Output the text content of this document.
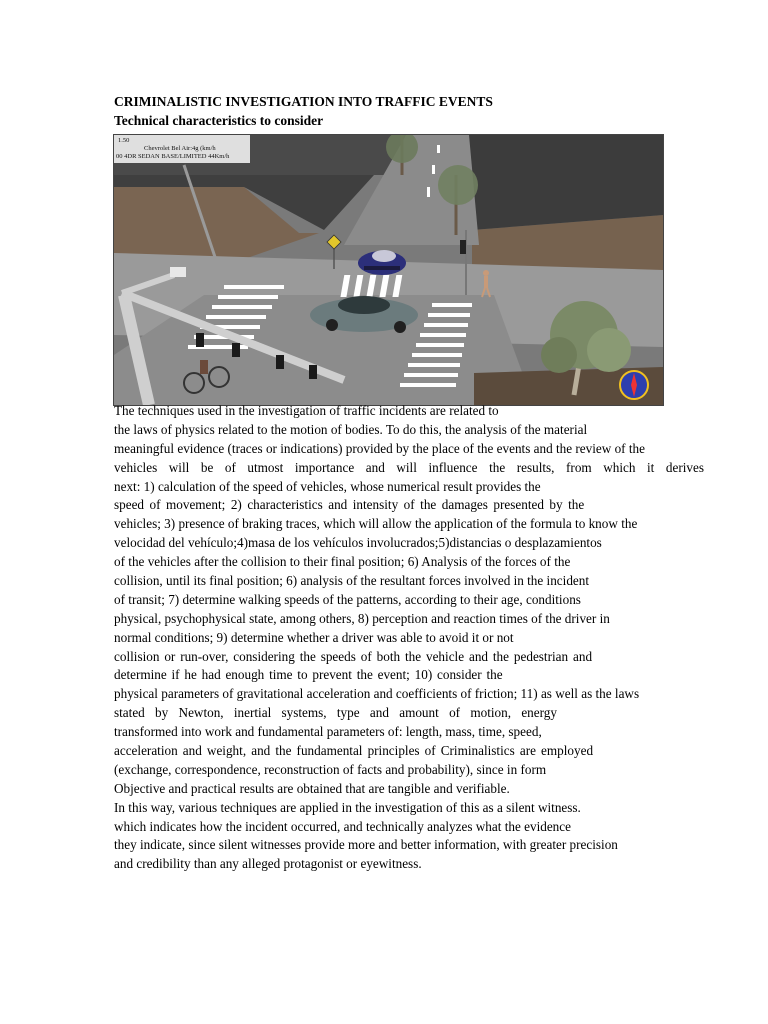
CRIMINALISTIC INVESTIGATION INTO TRAFFIC EVENTS
Technical characteristics to consider
1.50
Chevrolet Bel Air:4g (km/h
00 4DR SEDAN BASE/LIMITED 44Km/h
The techniques used in the investigation of traffic incidents are related to
the laws of physics related to the motion of bodies. To do this, the analysis of the material
meaningful evidence (traces or indications) provided by the place of the events and the review of the
vehicles will be of utmost importance and will influence the results, from which it derives
next: 1) calculation of the speed of vehicles, whose numerical result provides the
speed of movement; 2) characteristics and intensity of the damages presented by the
vehicles; 3) presence of braking traces, which will allow the application of the formula to know the
velocidad del vehículo;4)masa de los vehículos involucrados;5)distancias o desplazamientos
of the vehicles after the collision to their final position; 6) Analysis of the forces of the
collision, until its final position; 6) analysis of the resultant forces involved in the incident
of transit; 7) determine walking speeds of the patterns, according to their age, conditions
physical, psychophysical state, among others, 8) perception and reaction times of the driver in
normal conditions; 9) determine whether a driver was able to avoid it or not
collision or run-over, considering the speeds of both the vehicle and the pedestrian and
determine if he had enough time to prevent the event; 10) consider the
physical parameters of gravitational acceleration and coefficients of friction; 11) as well as the laws
stated by Newton, inertial systems, type and amount of motion, energy
transformed into work and fundamental parameters of: length, mass, time, speed,
acceleration and weight, and the fundamental principles of Criminalistics are employed
(exchange, correspondence, reconstruction of facts and probability), since in form
Objective and practical results are obtained that are tangible and verifiable.
In this way, various techniques are applied in the investigation of this as a silent witness.
which indicates how the incident occurred, and technically analyzes what the evidence
they indicate, since silent witnesses provide more and better information, with greater precision
and credibility than any alleged protagonist or eyewitness.
